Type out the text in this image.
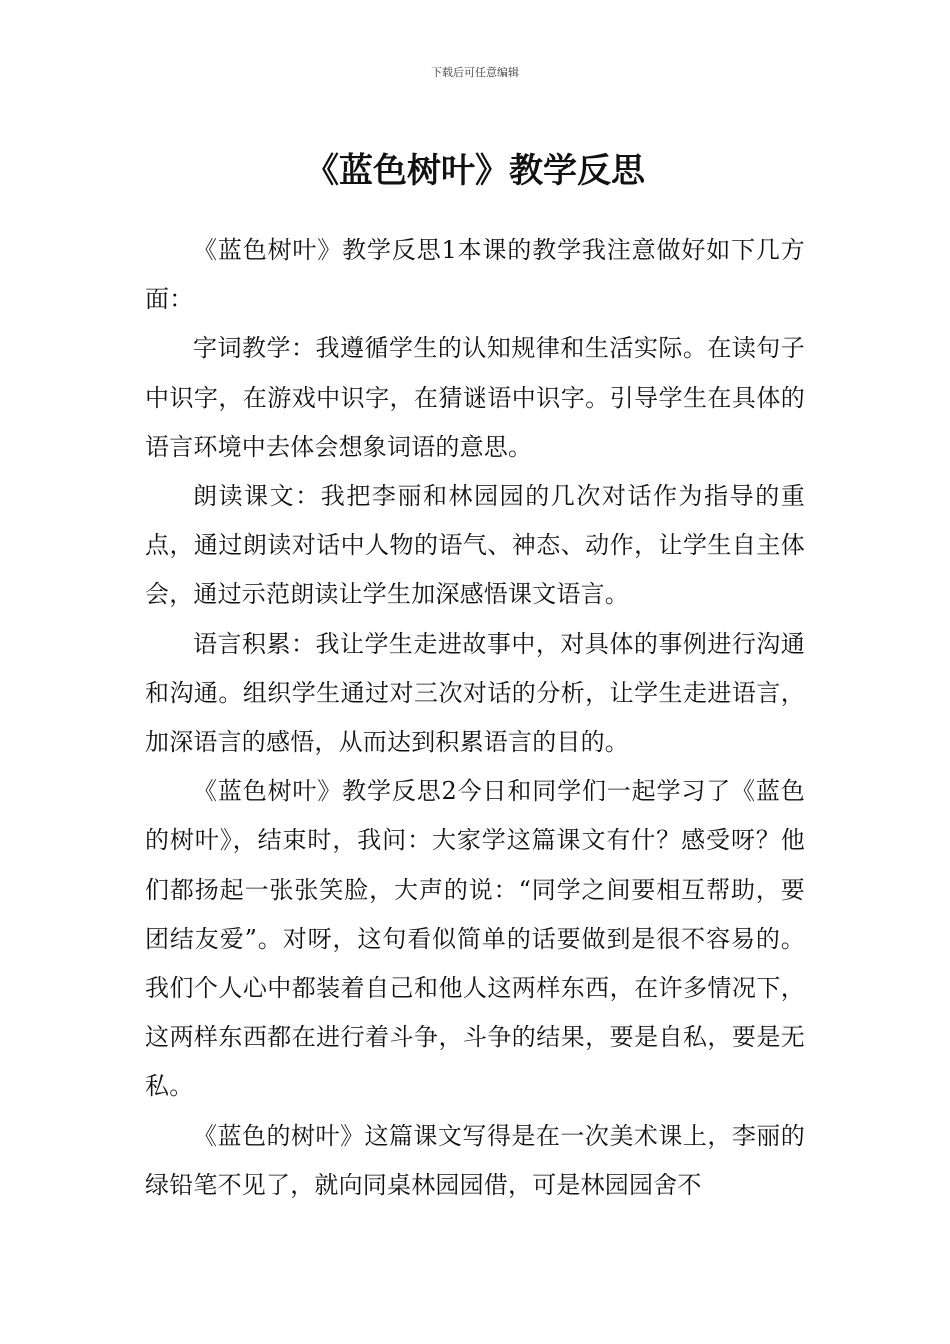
下载后可任意编辑
《蓝色树叶》教学反思

《蓝色树叶》教学反思1本课的教学我注意做好如下几方面：

字词教学：我遵循学生的认知规律和生活实际。在读句子中识字，在游戏中识字，在猜谜语中识字。引导学生在具体的语言环境中去体会想象词语的意思。

朗读课文：我把李丽和林园园的几次对话作为指导的重点，通过朗读对话中人物的语气、神态、动作，让学生自主体会，通过示范朗读让学生加深感悟课文语言。

语言积累：我让学生走进故事中，对具体的事例进行沟通和沟通。组织学生通过对三次对话的分析，让学生走进语言，加深语言的感悟，从而达到积累语言的目的。

《蓝色树叶》教学反思2今日和同学们一起学习了《蓝色的树叶》，结束时，我问：大家学这篇课文有什？感受呀？他们都扬起一张张笑脸，大声的说：“同学之间要相互帮助，要团结友爱”。对呀，这句看似简单的话要做到是很不容易的。我们个人心中都装着自己和他人这两样东西，在许多情况下，这两样东西都在进行着斗争，斗争的结果，要是自私，要是无私。

《蓝色的树叶》这篇课文写得是在一次美术课上，李丽的绿铅笔不见了，就向同桌林园园借，可是林园园舍不
